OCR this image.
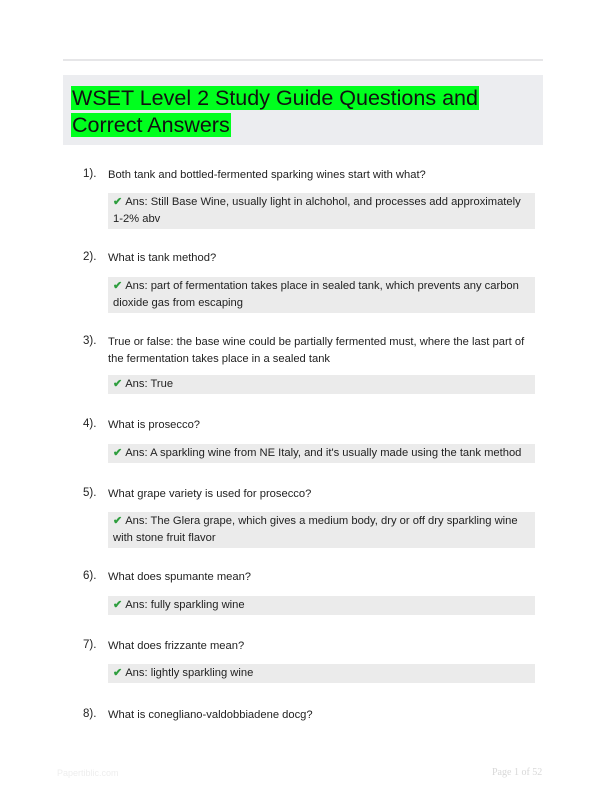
WSET Level 2 Study Guide Questions and Correct Answers
1). Both tank and bottled-fermented sparking wines start with what?
✔ Ans: Still Base Wine, usually light in alchohol, and processes add approximately 1-2% abv
2). What is tank method?
✔ Ans: part of fermentation takes place in sealed tank, which prevents any carbon dioxide gas from escaping
3). True or false: the base wine could be partially fermented must, where the last part of the fermentation takes place in a sealed tank
✔ Ans: True
4). What is prosecco?
✔ Ans: A sparkling wine from NE Italy, and it's usually made using the tank method
5). What grape variety is used for prosecco?
✔ Ans: The Glera grape, which gives a medium body, dry or off dry sparkling wine with stone fruit flavor
6). What does spumante mean?
✔ Ans: fully sparkling wine
7). What does frizzante mean?
✔ Ans: lightly sparkling wine
8). What is conegliano-valdobbiadene docg?
Papertiblic.com	Page 1 of 52
